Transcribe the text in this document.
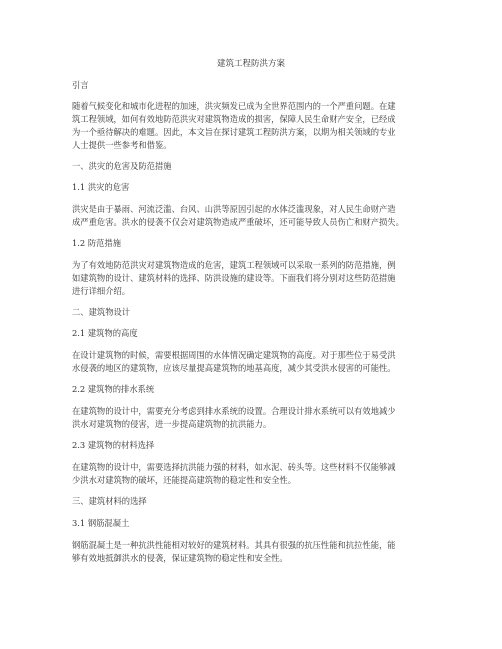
建筑工程防洪方案
引言
随着气候变化和城市化进程的加速，洪灾频发已成为全世界范围内的一个严重问题。在建
筑工程领域，如何有效地防范洪灾对建筑物造成的损害，保障人民生命财产安全，已经成
为一个亟待解决的难题。因此，本文旨在探讨建筑工程防洪方案，以期为相关领域的专业
人士提供一些参考和借鉴。
一、洪灾的危害及防范措施
1.1 洪灾的危害
洪灾是由于暴雨、河流泛滥、台风、山洪等原因引起的水体泛滥现象，对人民生命财产造
成严重危害。洪水的侵袭不仅会对建筑物造成严重破坏，还可能导致人员伤亡和财产损失。
1.2 防范措施
为了有效地防范洪灾对建筑物造成的危害，建筑工程领域可以采取一系列的防范措施，例
如建筑物的设计、建筑材料的选择、防洪设施的建设等。下面我们将分别对这些防范措施
进行详细介绍。
二、建筑物设计
2.1 建筑物的高度
在设计建筑物的时候，需要根据周围的水体情况确定建筑物的高度。对于那些位于易受洪
水侵袭的地区的建筑物，应该尽量提高建筑物的地基高度，减少其受洪水侵害的可能性。
2.2 建筑物的排水系统
在建筑物的设计中，需要充分考虑到排水系统的设置。合理设计排水系统可以有效地减少
洪水对建筑物的侵害，进一步提高建筑物的抗洪能力。
2.3 建筑物的材料选择
在建筑物的设计中，需要选择抗洪能力强的材料，如水泥、砖头等。这些材料不仅能够减
少洪水对建筑物的破坏，还能提高建筑物的稳定性和安全性。
三、建筑材料的选择
3.1 钢筋混凝土
钢筋混凝土是一种抗洪性能相对较好的建筑材料。其具有很强的抗压性能和抗拉性能，能
够有效地抵御洪水的侵袭，保证建筑物的稳定性和安全性。
